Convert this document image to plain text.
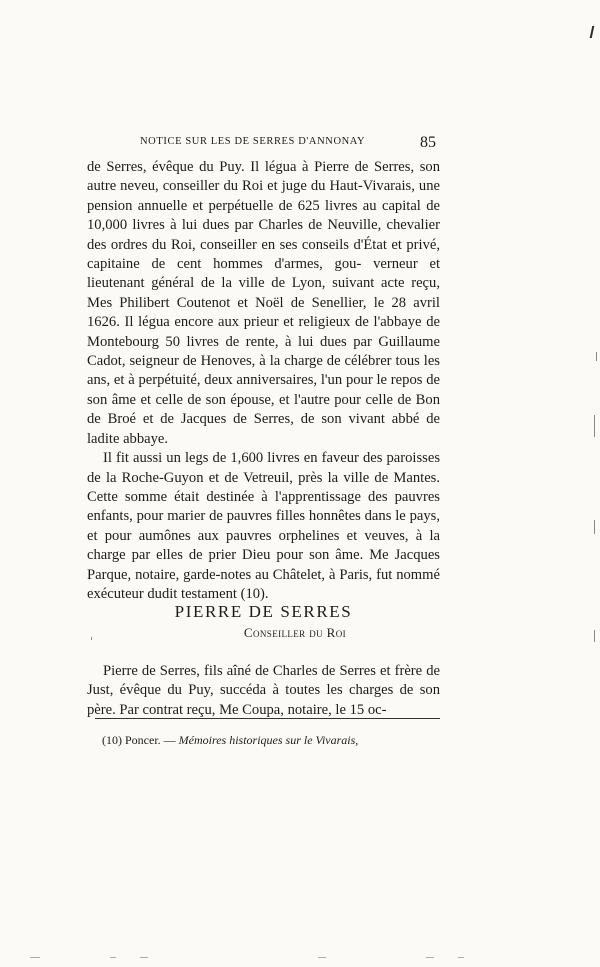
NOTICE SUR LES DE SERRES D'ANNONAY	85

de Serres, évêque du Puy. Il légua à Pierre de Serres, son autre neveu, conseiller du Roi et juge du Haut-Vivarais, une pension annuelle et perpétuelle de 625 livres au capital de 10,000 livres à lui dues par Charles de Neuville, chevalier des ordres du Roi, conseiller en ses conseils d'État et privé, capitaine de cent hommes d'armes, gou- verneur et lieutenant général de la ville de Lyon, suivant acte reçu, Mes Philibert Coutenot et Noël de Senellier, le 28 avril 1626. Il légua encore aux prieur et religieux de l'abbaye de Montebourg 50 livres de rente, à lui dues par Guillaume Cadot, seigneur de Henoves, à la charge de célébrer tous les ans, et à perpétuité, deux anniversaires, l'un pour le repos de son âme et celle de son épouse, et l'autre pour celle de Bon de Broé et de Jacques de Serres, de son vivant abbé de ladite abbaye.

Il fit aussi un legs de 1,600 livres en faveur des paroisses de la Roche-Guyon et de Vetreuil, près la ville de Mantes. Cette somme était destinée à l'apprentissage des pauvres enfants, pour marier de pauvres filles honnêtes dans le pays, et pour aumônes aux pauvres orphelines et veuves, à la charge par elles de prier Dieu pour son âme. Me Jacques Parque, notaire, garde-notes au Châtelet, à Paris, fut nommé exécuteur dudit testament (10).

PIERRE DE SERRES
Conseiller du Roi

Pierre de Serres, fils aîné de Charles de Serres et frère de Just, évêque du Puy, succéda à toutes les charges de son père. Par contrat reçu, Me Coupa, notaire, le 15 oc-

(10) Poncer. — Mémoires historiques sur le Vivarais,
